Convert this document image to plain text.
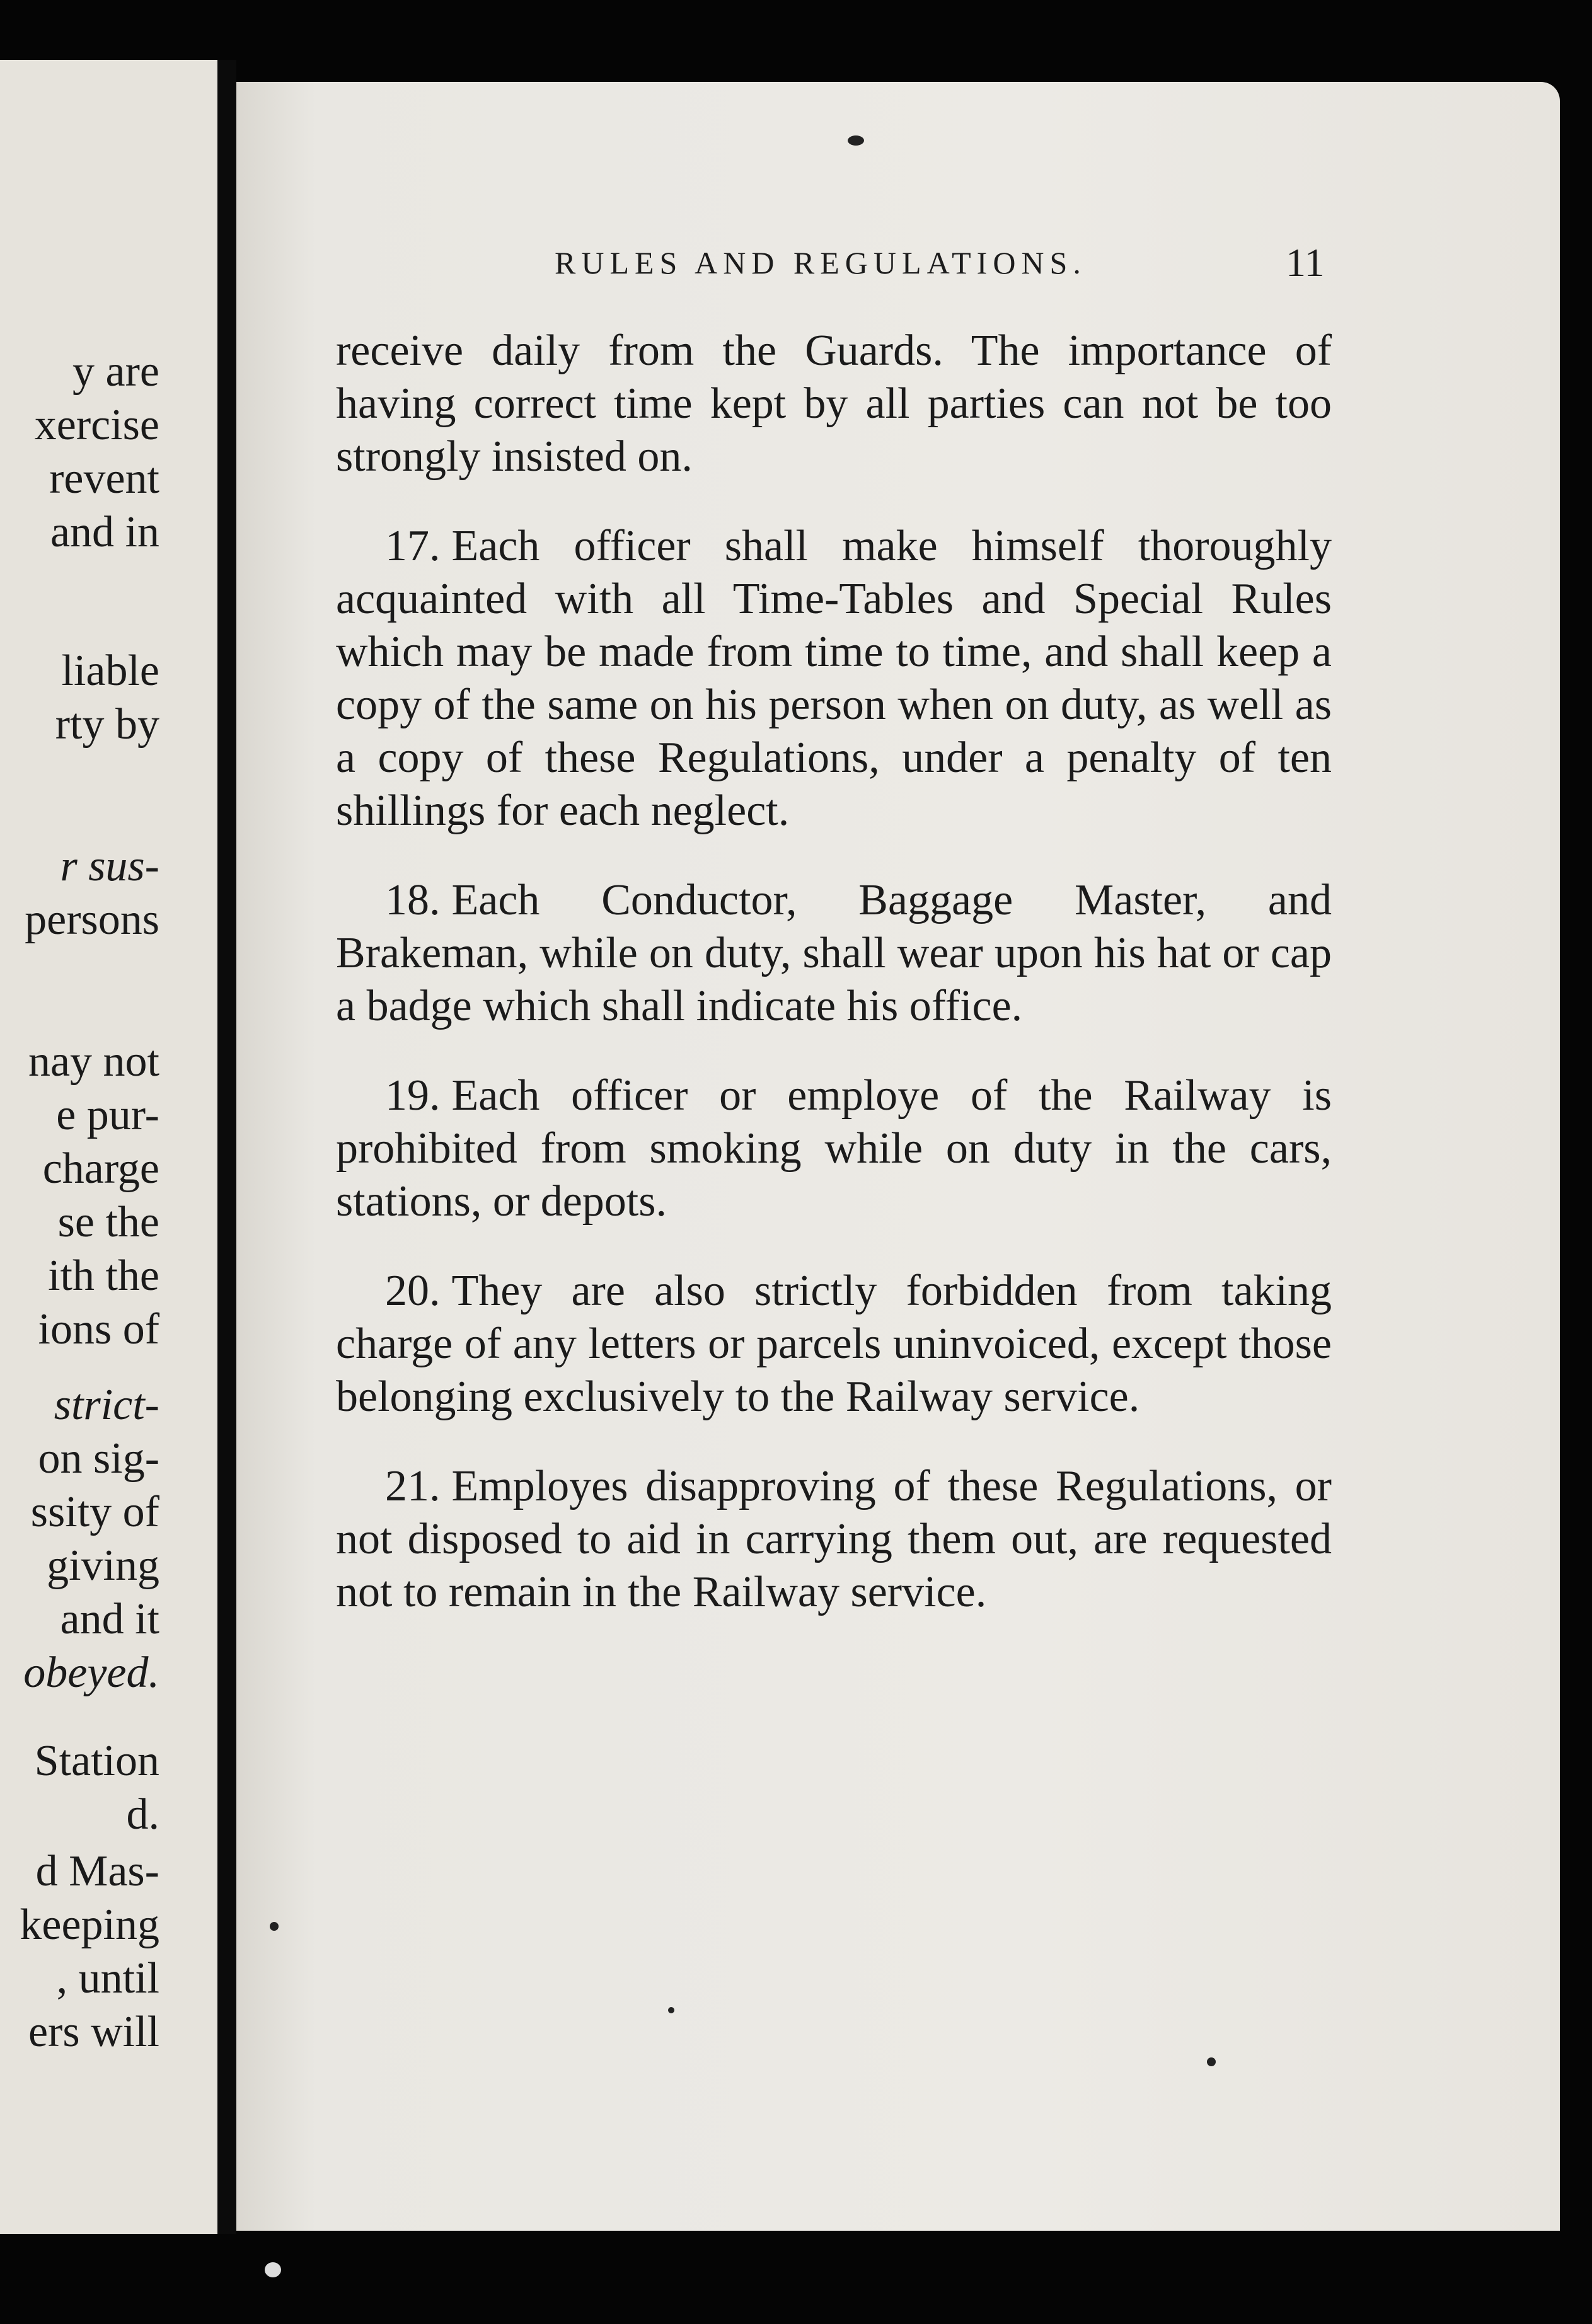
y are
xercise
revent
and in
liable
rty by
r sus-
persons
nay not
e pur-
charge
se the
ith the
ions of
strict-
on sig-
ssity of
giving
and it
obeyed.
Station
d.
d Mas-
keeping
, until
ers will
RULES AND REGULATIONS.	11

receive daily from the Guards. The importance of having correct time kept by all parties can not be too strongly insisted on.

17. Each officer shall make himself thoroughly acquainted with all Time-Tables and Special Rules which may be made from time to time, and shall keep a copy of the same on his person when on duty, as well as a copy of these Regulations, under a penalty of ten shillings for each neglect.

18. Each Conductor, Baggage Master, and Brakeman, while on duty, shall wear upon his hat or cap a badge which shall indicate his office.

19. Each officer or employe of the Railway is prohibited from smoking while on duty in the cars, stations, or depots.

20. They are also strictly forbidden from taking charge of any letters or parcels uninvoiced, except those belonging exclusively to the Railway service.

21. Employes disapproving of these Regulations, or not disposed to aid in carrying them out, are requested not to remain in the Railway service.
